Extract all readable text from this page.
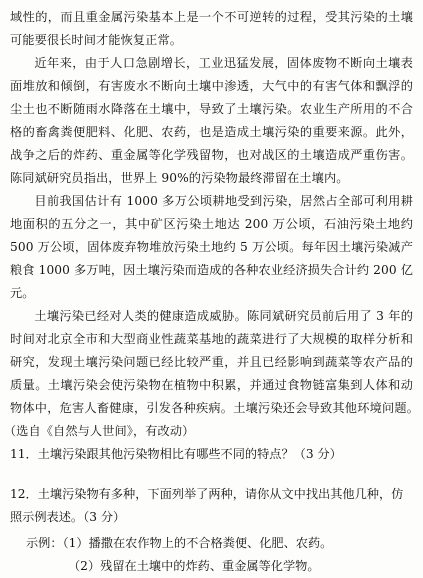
域性的，而且重金属污染基本上是一个不可逆转的过程，受其污染的土壤可能要很长时间才能恢复正常。

近年来，由于人口急剧增长，工业迅猛发展，固体废物不断向土壤表面堆放和倾倒，有害废水不断向土壤中渗透，大气中的有害气体和飘浮的尘土也不断随雨水降落在土壤中，导致了土壤污染。农业生产所用的不合格的畜禽粪便肥料、化肥、农药，也是造成土壤污染的重要来源。此外，战争之后的炸药、重金属等化学残留物，也对战区的土壤造成严重伤害。陈同斌研究员指出，世界上 90%的污染物最终滞留在土壤内。

目前我国估计有 1000 多万公顷耕地受到污染，居然占全部可利用耕地面积的五分之一，其中矿区污染土地达 200 万公顷，石油污染土地约 500 万公顷，固体废弃物堆放污染土地约 5 万公顷。每年因土壤污染减产粮食 1000 多万吨，因土壤污染而造成的各种农业经济损失合计约 200 亿元。

土壤污染已经对人类的健康造成威胁。陈同斌研究员前后用了 3 年的时间对北京全市和大型商业性蔬菜基地的蔬菜进行了大规模的取样分析和研究，发现土壤污染问题已经比较严重，并且已经影响到蔬菜等农产品的质量。土壤污染会使污染物在植物中积累，并通过食物链富集到人体和动物体中，危害人畜健康，引发各种疾病。土壤污染还会导致其他环境问题。　　（选自《自然与人世间》，有改动）

11．土壤污染跟其他污染物相比有哪些不同的特点？（3 分）

12．土壤污染物有多种，下面列举了两种，请你从文中找出其他几种，仿照示例表述。（3 分）

示例：（1）播撒在农作物上的不合格粪便、化肥、农药。
（2）残留在土壤中的炸药、重金属等化学物。
